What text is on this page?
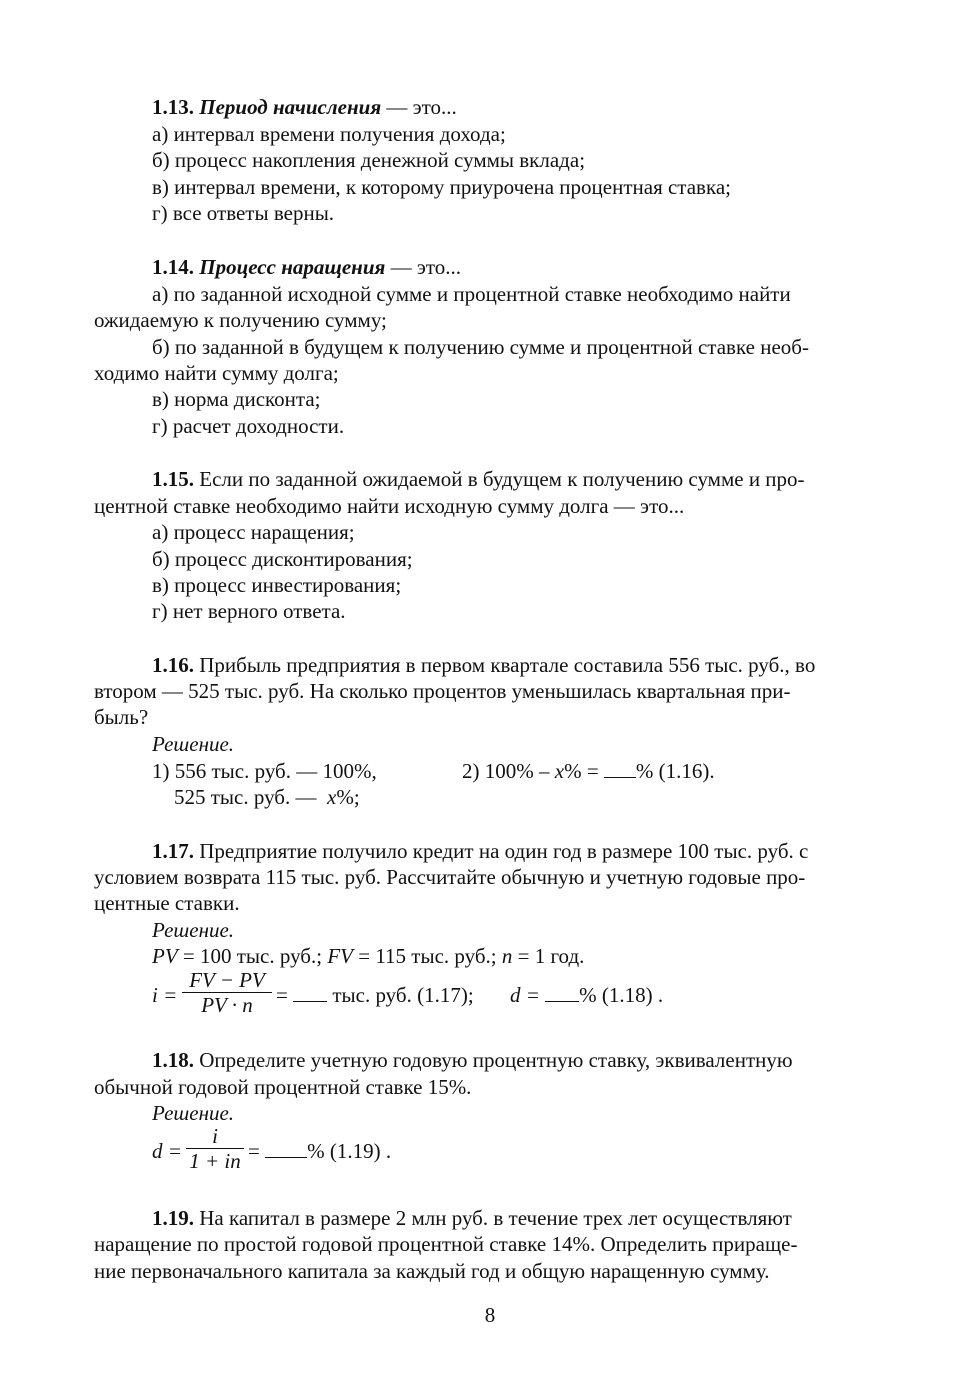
1.13. Период начисления — это...
а) интервал времени получения дохода;
б) процесс накопления денежной суммы вклада;
в) интервал времени, к которому приурочена процентная ставка;
г) все ответы верны.
1.14. Процесс наращения — это...
а) по заданной исходной сумме и процентной ставке необходимо найти
ожидаемую к получению сумму;
б) по заданной в будущем к получению сумме и процентной ставке необ-
ходимо найти сумму долга;
в) норма дисконта;
г) расчет доходности.
1.15. Если по заданной ожидаемой в будущем к получению сумме и про-
центной ставке необходимо найти исходную сумму долга — это...
а) процесс наращения;
б) процесс дисконтирования;
в) процесс инвестирования;
г) нет верного ответа.
1.16. Прибыль предприятия в первом квартале составила 556 тыс. руб., во
втором — 525 тыс. руб. На сколько процентов уменьшилась квартальная при-
быль?
Решение.
1) 556 тыс. руб. — 100%,	2) 100% – x% = % (1.16).
525 тыс. руб. — x%;
1.17. Предприятие получило кредит на один год в размере 100 тыс. руб. с
условием возврата 115 тыс. руб. Рассчитайте обычную и учетную годовые про-
центные ставки.
Решение.
PV = 100 тыс. руб.; FV = 115 тыс. руб.; n = 1 год.
$i = \frac{FV - PV}{PV \cdot n}$ = тыс. руб. (1.17); d = % (1.18) .
1.18. Определите учетную годовую процентную ставку, эквивалентную
обычной годовой процентной ставке 15%.
Решение.
$d = \frac{i}{1 + in}$ = % (1.19) .
1.19. На капитал в размере 2 млн руб. в течение трех лет осуществляют
наращение по простой годовой процентной ставке 14%. Определить прираще-
ние первоначального капитала за каждый год и общую наращенную сумму.
8
